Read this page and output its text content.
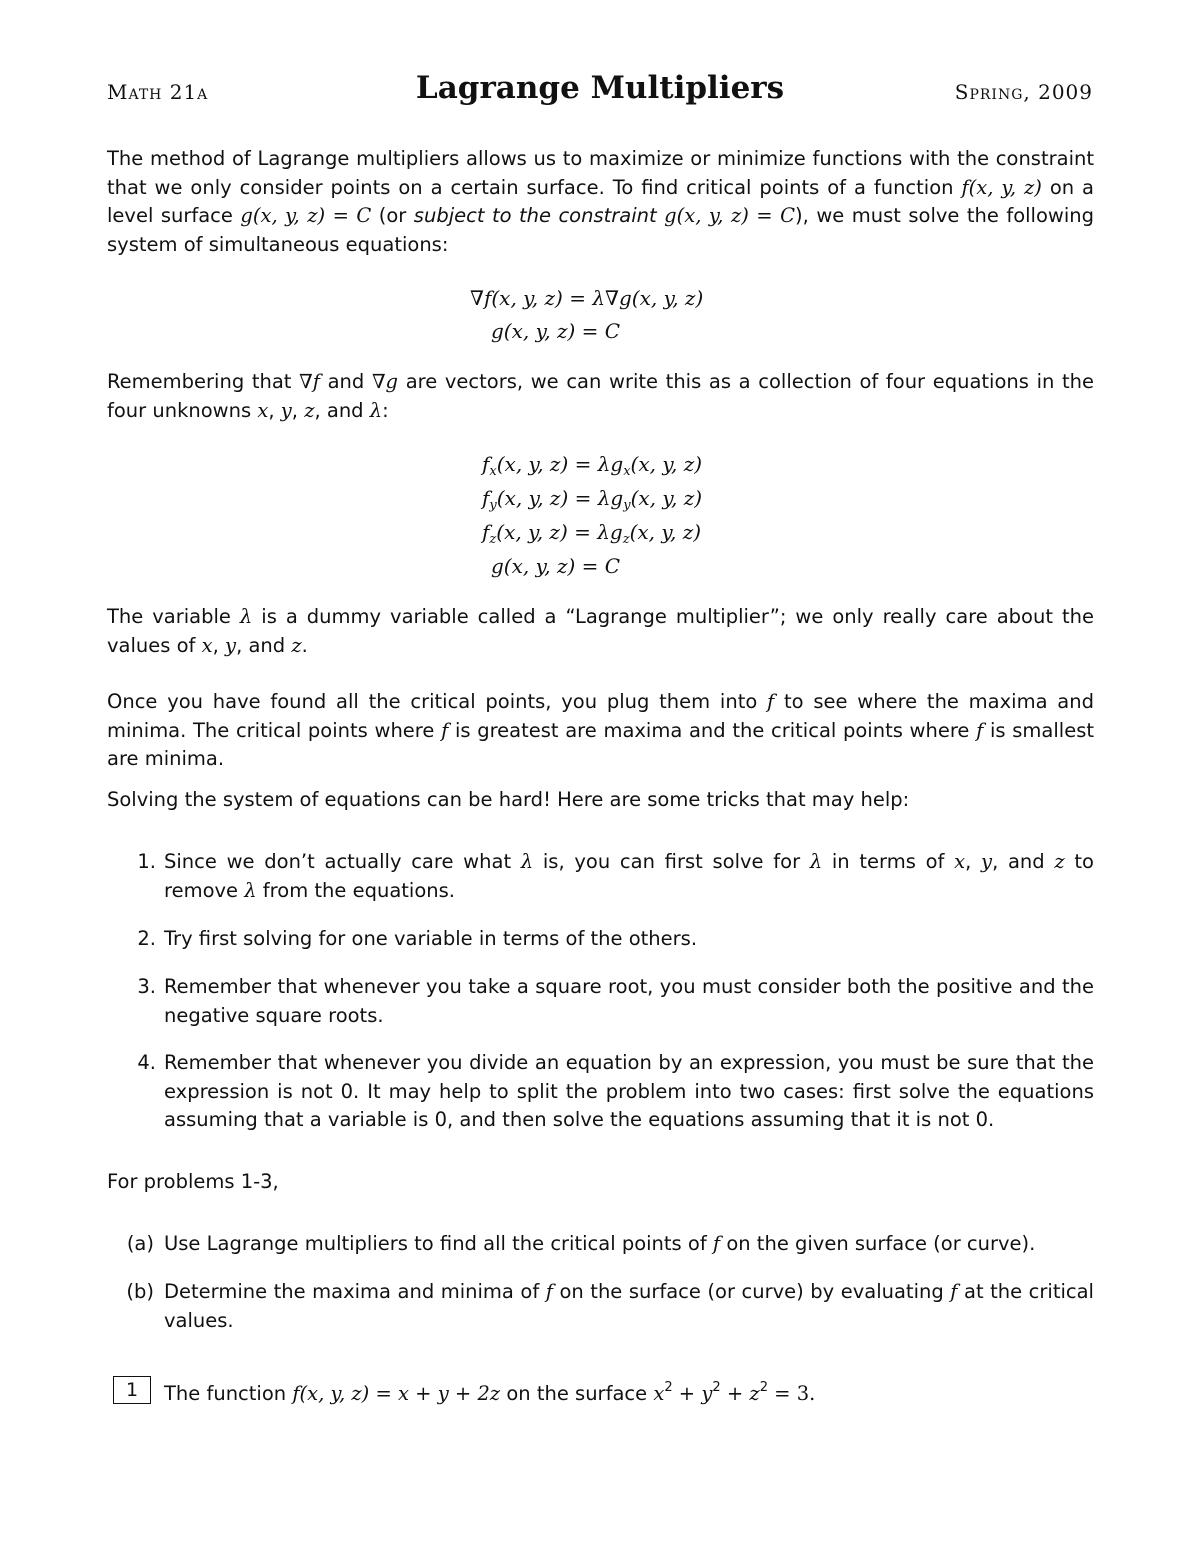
Math 21a	Lagrange Multipliers	Spring, 2009

The method of Lagrange multipliers allows us to maximize or minimize functions with the constraint that we only consider points on a certain surface. To find critical points of a function f(x, y, z) on a level surface g(x, y, z) = C (or subject to the constraint g(x, y, z) = C), we must solve the following system of simultaneous equations:

∇f(x, y, z) = λ∇g(x, y, z)
g(x, y, z) = C

Remembering that ∇f and ∇g are vectors, we can write this as a collection of four equations in the four unknowns x, y, z, and λ:

$f_x(x$, y, $z) = \lambda g_x(x$, y, z)
$f_y(x$, y, $z) = \lambda g_y(x$, y, z)
$f_z(x$, y, $z) = \lambda g_z(x$, y, z)
g(x, y, z) = C

The variable λ is a dummy variable called a “Lagrange multiplier”; we only really care about the values of x, y, and z.

Once you have found all the critical points, you plug them into f to see where the maxima and minima. The critical points where f is greatest are maxima and the critical points where f is smallest are minima.

Solving the system of equations can be hard! Here are some tricks that may help:

1. Since we don’t actually care what λ is, you can first solve for λ in terms of x, y, and z to remove λ from the equations.

2. Try first solving for one variable in terms of the others.

3. Remember that whenever you take a square root, you must consider both the positive and the negative square roots.

4. Remember that whenever you divide an equation by an expression, you must be sure that the expression is not 0. It may help to split the problem into two cases: first solve the equations assuming that a variable is 0, and then solve the equations assuming that it is not 0.

For problems 1-3,

(a) Use Lagrange multipliers to find all the critical points of f on the given surface (or curve).

(b) Determine the maxima and minima of f on the surface (or curve) by evaluating f at the critical values.

1	The function f(x, y, z) = x + y + 2z on the surface $x^2 + y^2 + z^2 = 3$.
